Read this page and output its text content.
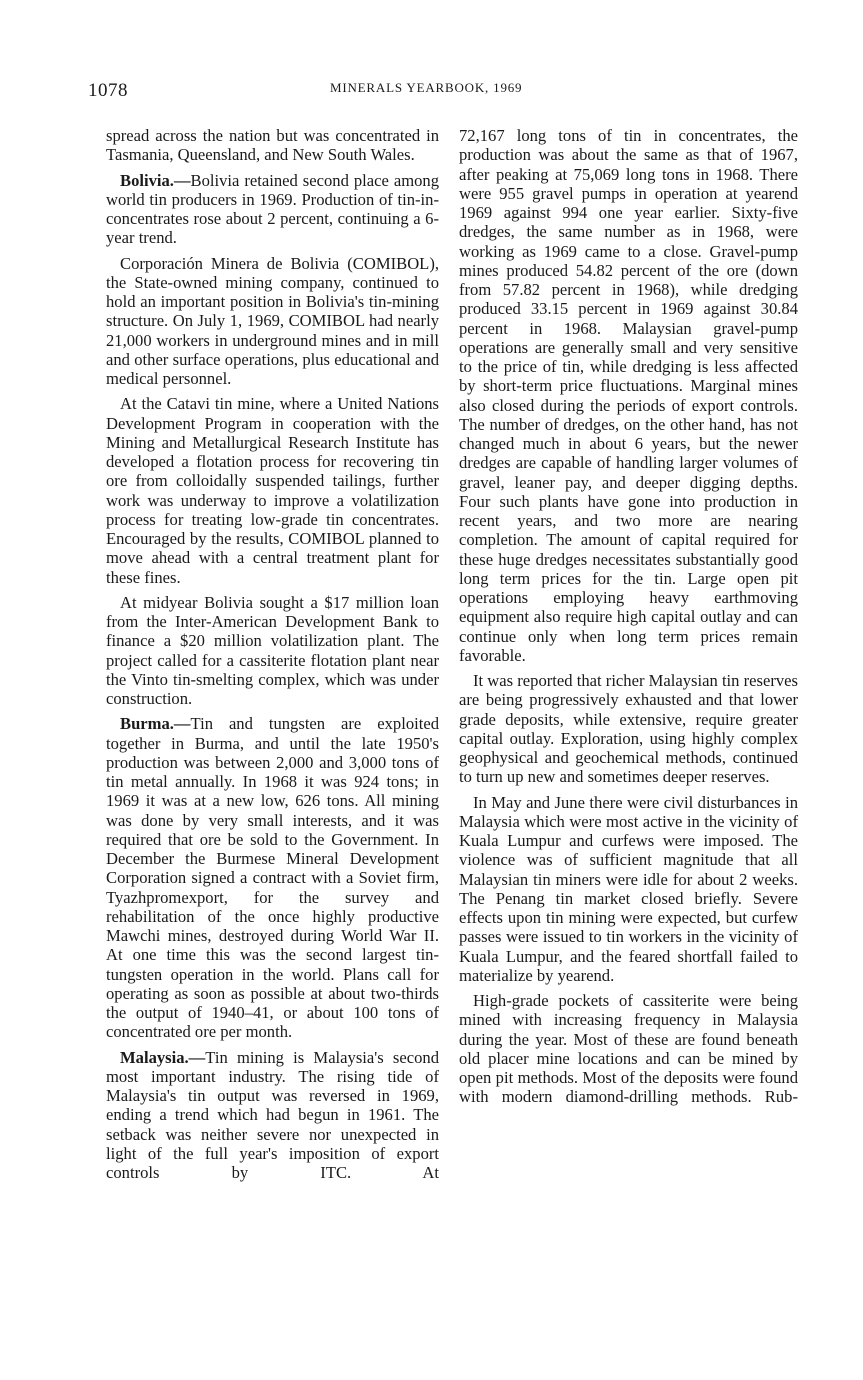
1078	MINERALS YEARBOOK, 1969

spread across the nation but was concentrated in Tasmania, Queensland, and New South Wales.

Bolivia.—Bolivia retained second place among world tin producers in 1969. Production of tin-in-concentrates rose about 2 percent, continuing a 6-year trend.

Corporación Minera de Bolivia (COMIBOL), the State-owned mining company, continued to hold an important position in Bolivia's tin-mining structure. On July 1, 1969, COMIBOL had nearly 21,000 workers in underground mines and in mill and other surface operations, plus educational and medical personnel.

At the Catavi tin mine, where a United Nations Development Program in cooperation with the Mining and Metallurgical Research Institute has developed a flotation process for recovering tin ore from colloidally suspended tailings, further work was underway to improve a volatilization process for treating low-grade tin concentrates. Encouraged by the results, COMIBOL planned to move ahead with a central treatment plant for these fines.

At midyear Bolivia sought a $17 million loan from the Inter-American Development Bank to finance a $20 million volatilization plant. The project called for a cassiterite flotation plant near the Vinto tin-smelting complex, which was under construction.

Burma.—Tin and tungsten are exploited together in Burma, and until the late 1950's production was between 2,000 and 3,000 tons of tin metal annually. In 1968 it was 924 tons; in 1969 it was at a new low, 626 tons. All mining was done by very small interests, and it was required that ore be sold to the Government. In December the Burmese Mineral Development Corporation signed a contract with a Soviet firm, Tyazhpromexport, for the survey and rehabilitation of the once highly productive Mawchi mines, destroyed during World War II. At one time this was the second largest tin-tungsten operation in the world. Plans call for operating as soon as possible at about two-thirds the output of 1940–41, or about 100 tons of concentrated ore per month.

Malaysia.—Tin mining is Malaysia's second most important industry. The rising tide of Malaysia's tin output was reversed in 1969, ending a trend which had begun in 1961. The setback was neither severe nor unexpected in light of the full year's imposition of export controls by ITC. At

72,167 long tons of tin in concentrates, the production was about the same as that of 1967, after peaking at 75,069 long tons in 1968. There were 955 gravel pumps in operation at yearend 1969 against 994 one year earlier. Sixty-five dredges, the same number as in 1968, were working as 1969 came to a close. Gravel-pump mines produced 54.82 percent of the ore (down from 57.82 percent in 1968), while dredging produced 33.15 percent in 1969 against 30.84 percent in 1968. Malaysian gravel-pump operations are generally small and very sensitive to the price of tin, while dredging is less affected by short-term price fluctuations. Marginal mines also closed during the periods of export controls. The number of dredges, on the other hand, has not changed much in about 6 years, but the newer dredges are capable of handling larger volumes of gravel, leaner pay, and deeper digging depths. Four such plants have gone into production in recent years, and two more are nearing completion. The amount of capital required for these huge dredges necessitates substantially good long term prices for the tin. Large open pit operations employing heavy earthmoving equipment also require high capital outlay and can continue only when long term prices remain favorable.

It was reported that richer Malaysian tin reserves are being progressively exhausted and that lower grade deposits, while extensive, require greater capital outlay. Exploration, using highly complex geophysical and geochemical methods, continued to turn up new and sometimes deeper reserves.

In May and June there were civil disturbances in Malaysia which were most active in the vicinity of Kuala Lumpur and curfews were imposed. The violence was of sufficient magnitude that all Malaysian tin miners were idle for about 2 weeks. The Penang tin market closed briefly. Severe effects upon tin mining were expected, but curfew passes were issued to tin workers in the vicinity of Kuala Lumpur, and the feared shortfall failed to materialize by yearend.

High-grade pockets of cassiterite were being mined with increasing frequency in Malaysia during the year. Most of these are found beneath old placer mine locations and can be mined by open pit methods. Most of the deposits were found with modern diamond-drilling methods. Rub-
